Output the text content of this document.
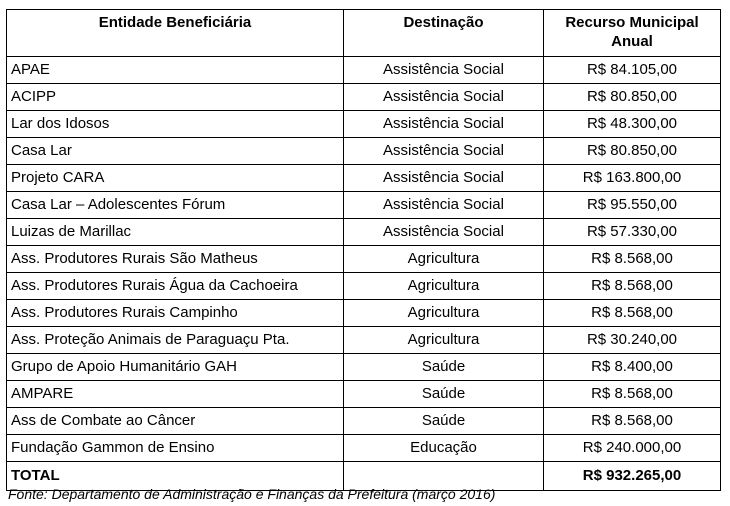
Entidade Beneficiária	Destinação	Recurso Municipal Anual
APAE	Assistência Social	R$ 84.105,00
ACIPP	Assistência Social	R$ 80.850,00
Lar dos Idosos	Assistência Social	R$ 48.300,00
Casa Lar	Assistência Social	R$ 80.850,00
Projeto CARA	Assistência Social	R$ 163.800,00
Casa Lar – Adolescentes Fórum	Assistência Social	R$ 95.550,00
Luizas de Marillac	Assistência Social	R$ 57.330,00
Ass. Produtores Rurais São Matheus	Agricultura	R$ 8.568,00
Ass. Produtores Rurais Água da Cachoeira	Agricultura	R$ 8.568,00
Ass. Produtores Rurais Campinho	Agricultura	R$ 8.568,00
Ass. Proteção Animais de Paraguaçu Pta.	Agricultura	R$ 30.240,00
Grupo de Apoio Humanitário GAH	Saúde	R$ 8.400,00
AMPARE	Saúde	R$ 8.568,00
Ass de Combate ao Câncer	Saúde	R$ 8.568,00
Fundação Gammon de Ensino	Educação	R$ 240.000,00
TOTAL		R$ 932.265,00
Fonte: Departamento de Administração e Finanças da Prefeitura (março 2016)
